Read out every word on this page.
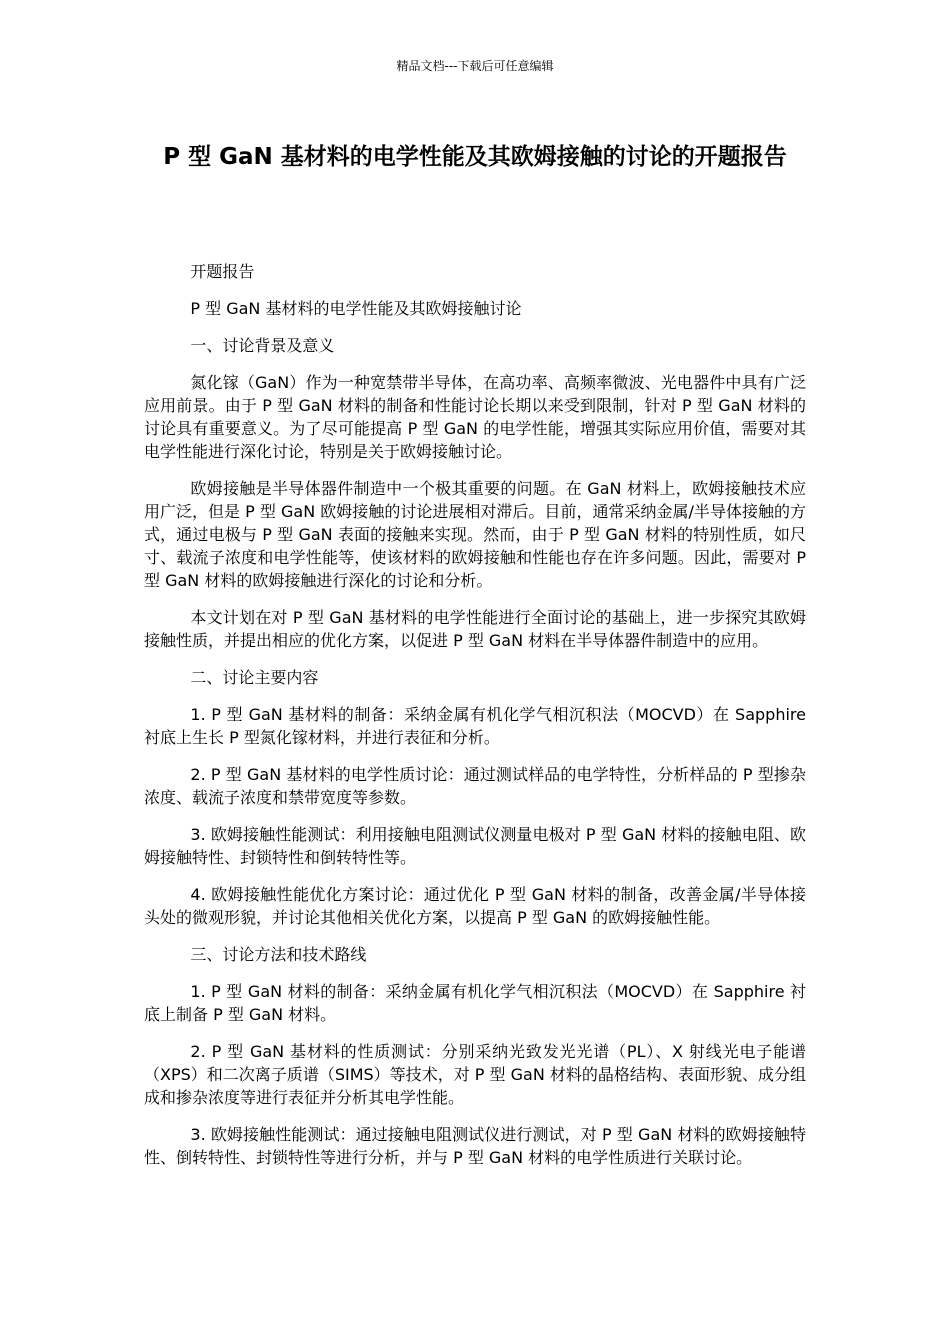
精品文档---下载后可任意编辑
P 型 GaN 基材料的电学性能及其欧姆接触的讨论的开题报告

开题报告

P 型 GaN 基材料的电学性能及其欧姆接触讨论

一、讨论背景及意义

氮化镓（GaN）作为一种宽禁带半导体，在高功率、高频率微波、光电器件中具有广泛应用前景。由于 P 型 GaN 材料的制备和性能讨论长期以来受到限制，针对 P 型 GaN 材料的讨论具有重要意义。为了尽可能提高 P 型 GaN 的电学性能，增强其实际应用价值，需要对其电学性能进行深化讨论，特别是关于欧姆接触讨论。

欧姆接触是半导体器件制造中一个极其重要的问题。在 GaN 材料上，欧姆接触技术应用广泛，但是 P 型 GaN 欧姆接触的讨论进展相对滞后。目前，通常采纳金属/半导体接触的方式，通过电极与 P 型 GaN 表面的接触来实现。然而，由于 P 型 GaN 材料的特别性质，如尺寸、载流子浓度和电学性能等，使该材料的欧姆接触和性能也存在许多问题。因此，需要对 P 型 GaN 材料的欧姆接触进行深化的讨论和分析。

本文计划在对 P 型 GaN 基材料的电学性能进行全面讨论的基础上，进一步探究其欧姆接触性质，并提出相应的优化方案，以促进 P 型 GaN 材料在半导体器件制造中的应用。

二、讨论主要内容

1. P 型 GaN 基材料的制备：采纳金属有机化学气相沉积法（MOCVD）在 Sapphire 衬底上生长 P 型氮化镓材料，并进行表征和分析。

2. P 型 GaN 基材料的电学性质讨论：通过测试样品的电学特性，分析样品的 P 型掺杂浓度、载流子浓度和禁带宽度等参数。

3. 欧姆接触性能测试：利用接触电阻测试仪测量电极对 P 型 GaN 材料的接触电阻、欧姆接触特性、封锁特性和倒转特性等。

4. 欧姆接触性能优化方案讨论：通过优化 P 型 GaN 材料的制备，改善金属/半导体接头处的微观形貌，并讨论其他相关优化方案，以提高 P 型 GaN 的欧姆接触性能。

三、讨论方法和技术路线

1. P 型 GaN 材料的制备：采纳金属有机化学气相沉积法（MOCVD）在 Sapphire 衬底上制备 P 型 GaN 材料。

2. P 型 GaN 基材料的性质测试：分别采纳光致发光光谱（PL）、X 射线光电子能谱（XPS）和二次离子质谱（SIMS）等技术，对 P 型 GaN 材料的晶格结构、表面形貌、成分组成和掺杂浓度等进行表征并分析其电学性能。

3. 欧姆接触性能测试：通过接触电阻测试仪进行测试，对 P 型 GaN 材料的欧姆接触特性、倒转特性、封锁特性等进行分析，并与 P 型 GaN 材料的电学性质进行关联讨论。
